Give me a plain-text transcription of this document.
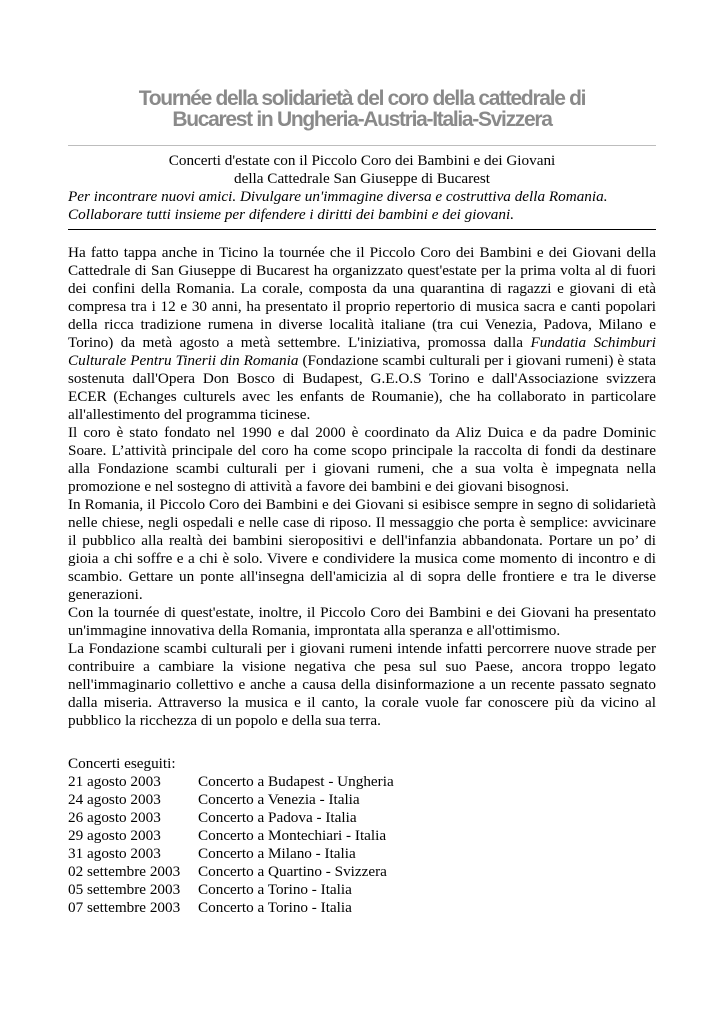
Tournée della solidarietà del coro della cattedrale di
Bucarest in Ungheria-Austria-Italia-Svizzera
Concerti d'estate con il Piccolo Coro dei Bambini e dei Giovani
della Cattedrale San Giuseppe di Bucarest
Per incontrare nuovi amici. Divulgare un'immagine diversa e costruttiva della Romania.
Collaborare tutti insieme per difendere i diritti dei bambini e dei giovani.

Ha fatto tappa anche in Ticino la tournée che il Piccolo Coro dei Bambini e dei Giovani della Cattedrale di San Giuseppe di Bucarest ha organizzato quest'estate per la prima volta al di fuori dei confini della Romania. La corale, composta da una quarantina di ragazzi e giovani di età compresa tra i 12 e 30 anni, ha presentato il proprio repertorio di musica sacra e canti popolari della ricca tradizione rumena in diverse località italiane (tra cui Venezia, Padova, Milano e Torino) da metà agosto a metà settembre. L'iniziativa, promossa dalla Fundatia Schimburi Culturale Pentru Tinerii din Romania (Fondazione scambi culturali per i giovani rumeni) è stata sostenuta dall'Opera Don Bosco di Budapest, G.E.O.S Torino e dall'Associazione svizzera ECER (Echanges culturels avec les enfants de Roumanie), che ha collaborato in particolare all'allestimento del programma ticinese.

Il coro è stato fondato nel 1990 e dal 2000 è coordinato da Aliz Duica e da padre Dominic Soare. L’attività principale del coro ha come scopo principale la raccolta di fondi da destinare alla Fondazione scambi culturali per i giovani rumeni, che a sua volta è impegnata nella promozione e nel sostegno di attività a favore dei bambini e dei giovani bisognosi.

In Romania, il Piccolo Coro dei Bambini e dei Giovani si esibisce sempre in segno di solidarietà nelle chiese, negli ospedali e nelle case di riposo. Il messaggio che porta è semplice: avvicinare il pubblico alla realtà dei bambini sieropositivi e dell'infanzia abbandonata. Portare un po’ di gioia a chi soffre e a chi è solo. Vivere e condividere la musica come momento di incontro e di scambio. Gettare un ponte all'insegna dell'amicizia al di sopra delle frontiere e tra le diverse generazioni.

Con la tournée di quest'estate, inoltre, il Piccolo Coro dei Bambini e dei Giovani ha presentato un'immagine innovativa della Romania, improntata alla speranza e all'ottimismo.

La Fondazione scambi culturali per i giovani rumeni intende infatti percorrere nuove strade per contribuire a cambiare la visione negativa che pesa sul suo Paese, ancora troppo legato nell'immaginario collettivo e anche a causa della disinformazione a un recente passato segnato dalla miseria. Attraverso la musica e il canto, la corale vuole far conoscere più da vicino al pubblico la ricchezza di un popolo e della sua terra.

Concerti eseguiti:
21 agosto 2003	Concerto a Budapest - Ungheria
24 agosto 2003	Concerto a Venezia - Italia
26 agosto 2003	Concerto a Padova - Italia
29 agosto 2003	Concerto a Montechiari - Italia
31 agosto 2003	Concerto a Milano - Italia
02 settembre 2003	Concerto a Quartino - Svizzera
05 settembre 2003	Concerto a Torino - Italia
07 settembre 2003	Concerto a Torino - Italia
